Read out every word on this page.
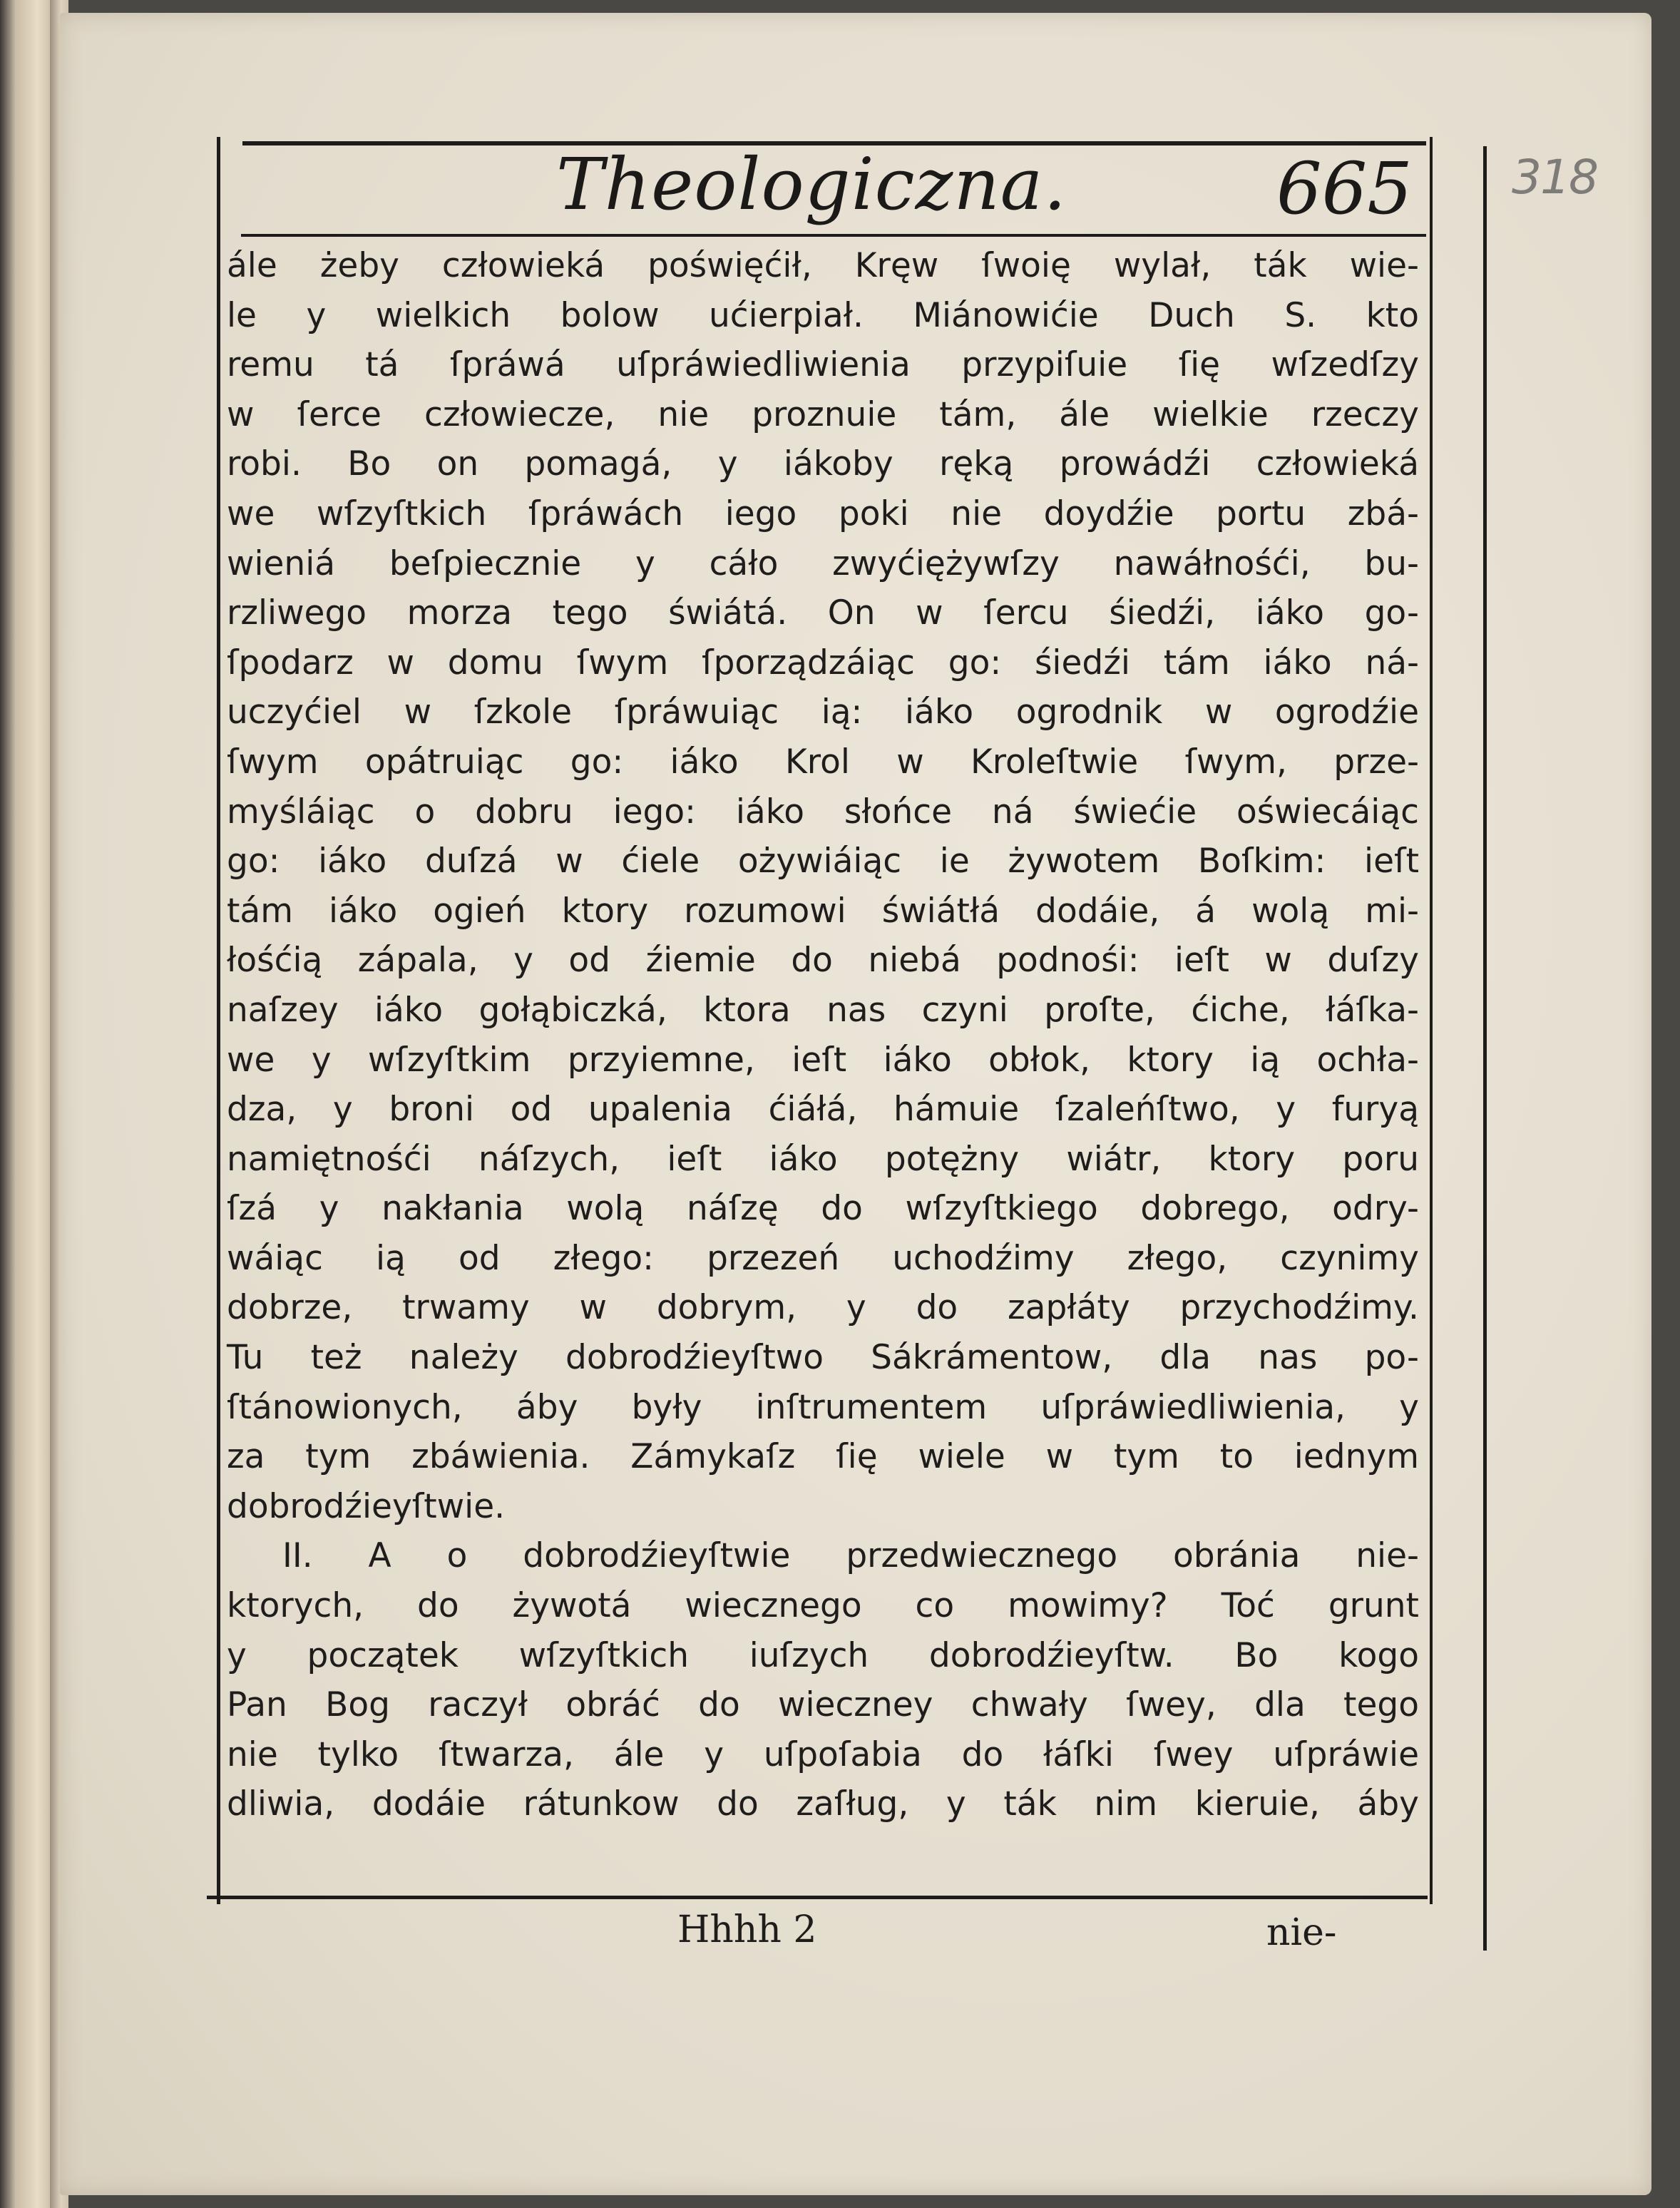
318
Theologiczna.	665
ále żeby człowieká poświęćił, Kręw ſwoię wylał, ták wie-
le y wielkich bolow ućierpiał. Miánowićie Duch S. kto
remu tá ſpráwá uſpráwiedliwienia przypiſuie ſię wſzedſzy
w ſerce człowiecze, nie proznuie tám, ále wielkie rzeczy
robi. Bo on pomagá, y iákoby ręką prowádźi człowieká
we wſzyſtkich ſpráwách iego poki nie doydźie portu zbá-
wieniá beſpiecznie y cáło zwyćiężywſzy nawáłnośći, bu-
rzliwego morza tego świátá. On w ſercu śiedźi, iáko go-
ſpodarz w domu ſwym ſporządzáiąc go: śiedźi tám iáko ná-
uczyćiel w ſzkole ſpráwuiąc ią: iáko ogrodnik w ogrodźie
ſwym opátruiąc go: iáko Krol w Kroleſtwie ſwym, prze-
myśláiąc o dobru iego: iáko słońce ná świećie oświecáiąc
go: iáko duſzá w ćiele ożywiáiąc ie żywotem Boſkim: ieſt
tám iáko ogień ktory rozumowi świátłá dodáie, á wolą mi-
łośćią zápala, y od źiemie do niebá podnośi: ieſt w duſzy
naſzey iáko gołąbiczká, ktora nas czyni proſte, ćiche, łáſka-
we y wſzyſtkim przyiemne, ieſt iáko obłok, ktory ią ochła-
dza, y broni od upalenia ćiáłá, hámuie ſzaleńſtwo, y furyą
namiętnośći náſzych, ieſt iáko potężny wiátr, ktory poru
ſzá y nakłania wolą náſzę do wſzyſtkiego dobrego, odry-
wáiąc ią od złego: przezeń uchodźimy złego, czynimy
dobrze, trwamy w dobrym, y do zapłáty przychodźimy.
Tu też należy dobrodźieyſtwo Sákrámentow, dla nas po-
ſtánowionych, áby były inſtrumentem uſpráwiedliwienia, y
za tym zbáwienia. Zámykaſz ſię wiele w tym to iednym
dobrodźieyſtwie.
II. A o dobrodźieyſtwie przedwiecznego obránia nie-
ktorych, do żywotá wiecznego co mowimy? Toć grunt
y początek wſzyſtkich iuſzych dobrodźieyſtw. Bo kogo
Pan Bog raczył obráć do wieczney chwały ſwey, dla tego
nie tylko ſtwarza, ále y uſpoſabia do łáſki ſwey uſpráwie
dliwia, dodáie rátunkow do zaſług, y ták nim kieruie, áby
Hhhh 2	nie-
